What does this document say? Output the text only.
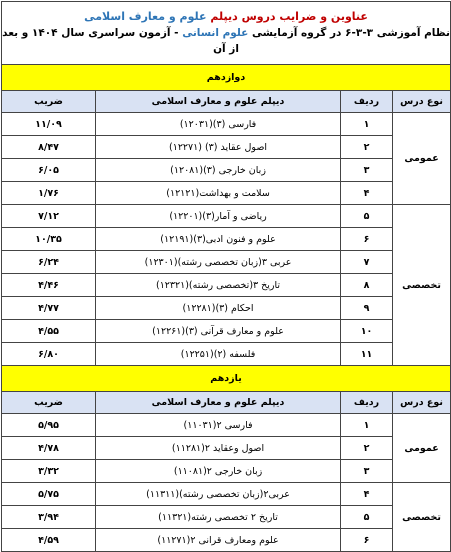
عناوین و ضرایب دروس دیپلم علوم و معارف اسلامی
نظام آموزشی ۳-۳-۶ در گروه آزمایشی علوم انسانی - آزمون سراسری سال ۱۴۰۴ و بعد از آن			

دوازدهم			
نوع درس	ردیف	دیپلم علوم و معارف اسلامی	ضریب
عمومی	۱	فارسی (۳)(۱۲۰۳۱)	۱۱/۰۹
	۲	اصول عقاید (۳) (۱۲۲۷۱)	۸/۴۷
	۳	زبان خارجی (۳)(۱۲۰۸۱)	۶/۰۵
	۴	سلامت و بهداشت(۱۲۱۲۱)	۱/۷۶
تخصصی	۵	ریاضی و آمار(۳)(۱۲۲۰۱)	۷/۱۲
	۶	علوم و فنون ادبی(۳)(۱۲۱۹۱)	۱۰/۳۵
	۷	عربی ۳(زبان تخصصی رشته)(۱۲۳۰۱)	۶/۲۴
	۸	تاریخ ۳(تخصصی رشته)(۱۲۳۲۱)	۴/۴۶
	۹	احکام (۳)(۱۲۲۸۱)	۴/۷۷
	۱۰	علوم و معارف قرآنی (۳)(۱۲۲۶۱)	۴/۵۵
	۱۱	فلسفه (۲)(۱۲۲۵۱)	۶/۸۰
یازدهم			
نوع درس	ردیف	دیپلم علوم و معارف اسلامی	ضریب
عمومی	۱	فارسی ۲(۱۱۰۳۱)	۵/۹۵
	۲	اصول وعقاید ۲(۱۱۲۸۱)	۴/۷۸
	۳	زبان خارجی ۲(۱۱۰۸۱)	۳/۳۲
تخصصی	۴	عربی۲(زبان تخصصی رشته)(۱۱۳۱۱)	۵/۷۵
	۵	تاریخ ۲ تخصصی رشته(۱۱۳۲۱)	۳/۹۴
	۶	علوم ومعارف قرانی ۲(۱۱۲۷۱)	۴/۵۹
